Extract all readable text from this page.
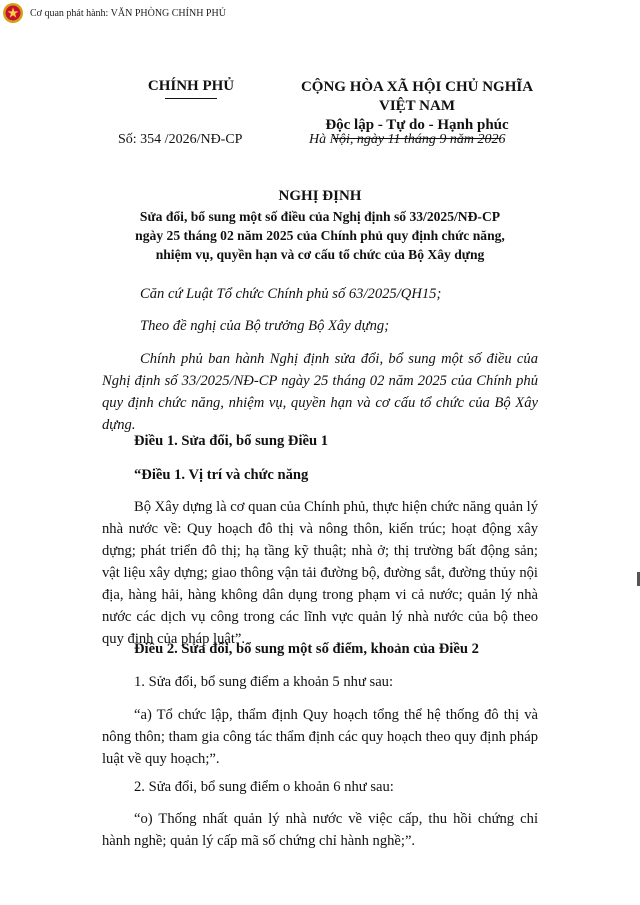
Cơ quan phát hành: VĂN PHÒNG CHÍNH PHỦ
CHÍNH PHỦ	CỘNG HÒA XÃ HỘI CHỦ NGHĨA VIỆT NAM
Độc lập - Tự do - Hạnh phúc
Số: 354 /2026/NĐ-CP	Hà Nội, ngày 11 tháng 9 năm 2026
NGHỊ ĐỊNH
Sửa đổi, bổ sung một số điều của Nghị định số 33/2025/NĐ-CP
ngày 25 tháng 02 năm 2025 của Chính phủ quy định chức năng,
nhiệm vụ, quyền hạn và cơ cấu tổ chức của Bộ Xây dựng
Căn cứ Luật Tổ chức Chính phủ số 63/2025/QH15;
Theo đề nghị của Bộ trưởng Bộ Xây dựng;
Chính phủ ban hành Nghị định sửa đổi, bổ sung một số điều của Nghị định số 33/2025/NĐ-CP ngày 25 tháng 02 năm 2025 của Chính phủ quy định chức năng, nhiệm vụ, quyền hạn và cơ cấu tổ chức của Bộ Xây dựng.
Điều 1. Sửa đổi, bổ sung Điều 1
“Điều 1. Vị trí và chức năng
Bộ Xây dựng là cơ quan của Chính phủ, thực hiện chức năng quản lý nhà nước về: Quy hoạch đô thị và nông thôn, kiến trúc; hoạt động xây dựng; phát triển đô thị; hạ tầng kỹ thuật; nhà ở; thị trường bất động sản; vật liệu xây dựng; giao thông vận tải đường bộ, đường sắt, đường thủy nội địa, hàng hải, hàng không dân dụng trong phạm vi cả nước; quản lý nhà nước các dịch vụ công trong các lĩnh vực quản lý nhà nước của bộ theo quy định của pháp luật”.
Điều 2. Sửa đổi, bổ sung một số điểm, khoản của Điều 2
1. Sửa đổi, bổ sung điểm a khoản 5 như sau:
“a) Tổ chức lập, thẩm định Quy hoạch tổng thể hệ thống đô thị và nông thôn; tham gia công tác thẩm định các quy hoạch theo quy định pháp luật về quy hoạch;”.
2. Sửa đổi, bổ sung điểm o khoản 6 như sau:
“o) Thống nhất quản lý nhà nước về việc cấp, thu hồi chứng chỉ hành nghề; quản lý cấp mã số chứng chỉ hành nghề;”.
